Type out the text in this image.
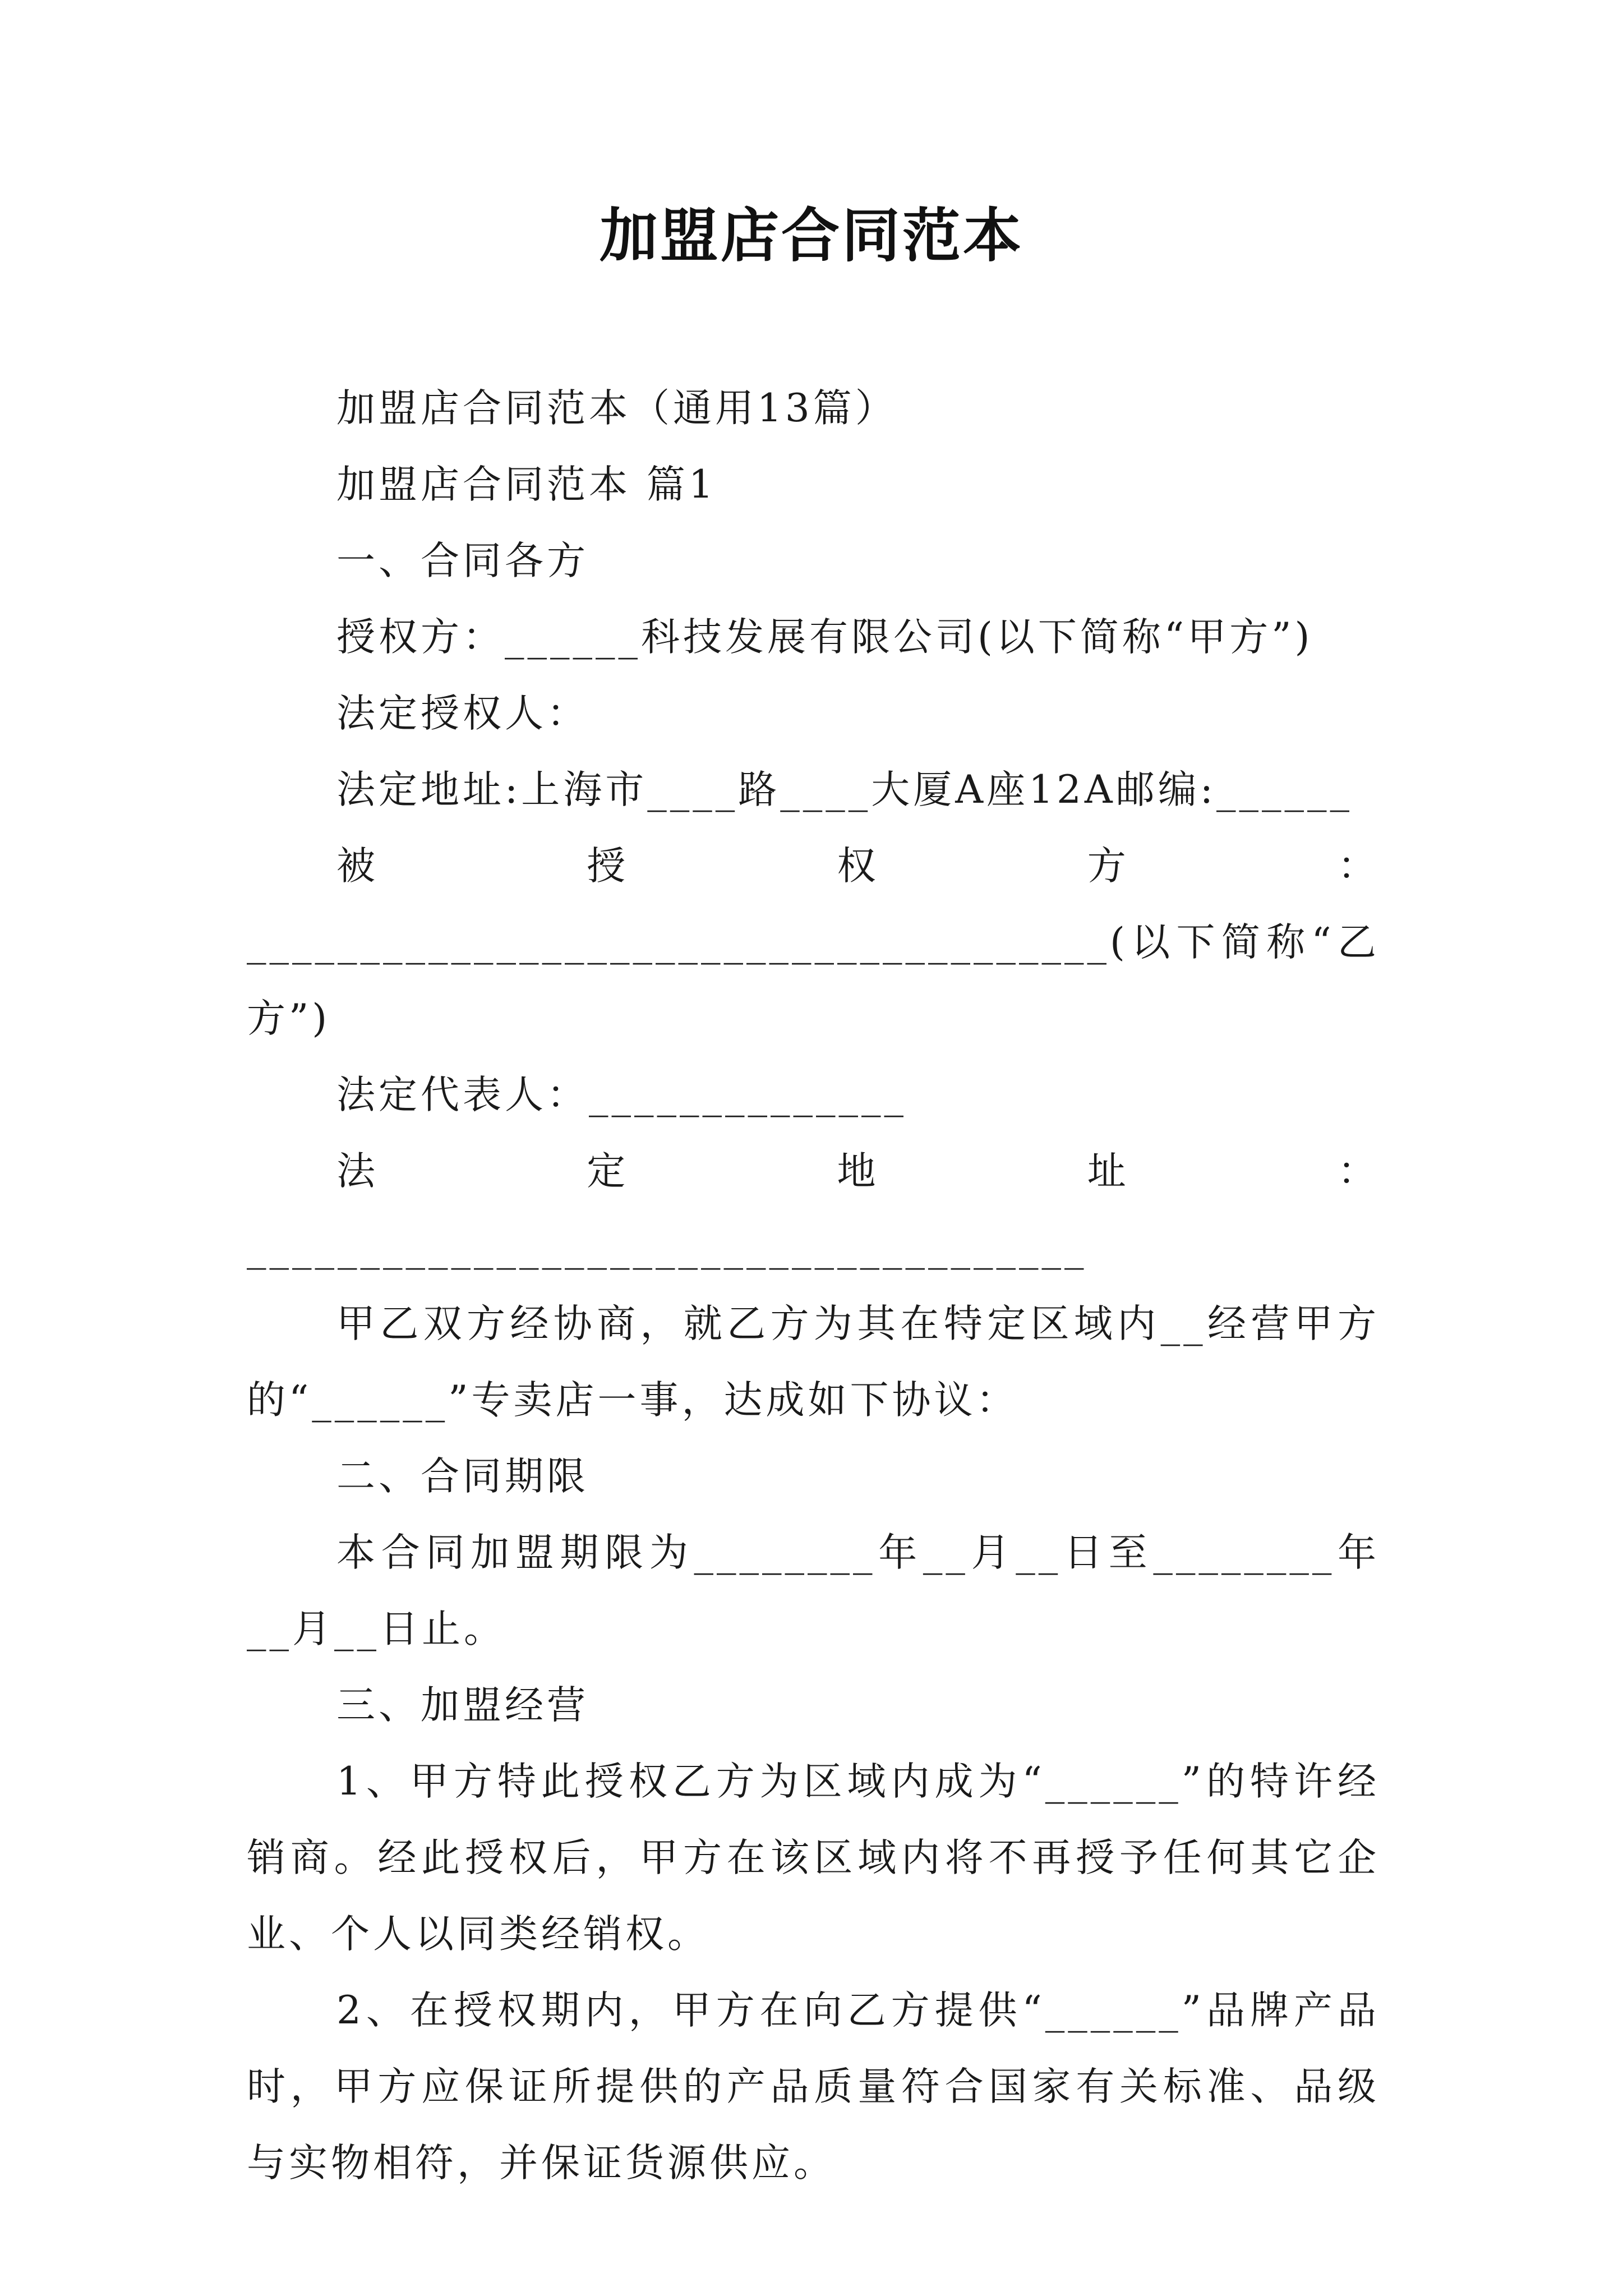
加盟店合同范本

加盟店合同范本（通用13篇）

加盟店合同范本 篇1

一、合同各方

授权方：______科技发展有限公司(以下简称“甲方”)

法定授权人：

法定地址:上海市____路____大厦A座12A邮编:______

被授权方：______________________________________(以下简称“乙方”)

法定代表人：______________

法定地址：_____________________________________

甲乙双方经协商，就乙方为其在特定区域内__经营甲方的“______”专卖店一事，达成如下协议：

二、合同期限

本合同加盟期限为________年__月__日至________年__月__日止。

三、加盟经营

1、甲方特此授权乙方为区域内成为“______”的特许经销商。经此授权后，甲方在该区域内将不再授予任何其它企业、个人以同类经销权。

2、在授权期内，甲方在向乙方提供“______”品牌产品时，甲方应保证所提供的产品质量符合国家有关标准、品级与实物相符，并保证货源供应。
